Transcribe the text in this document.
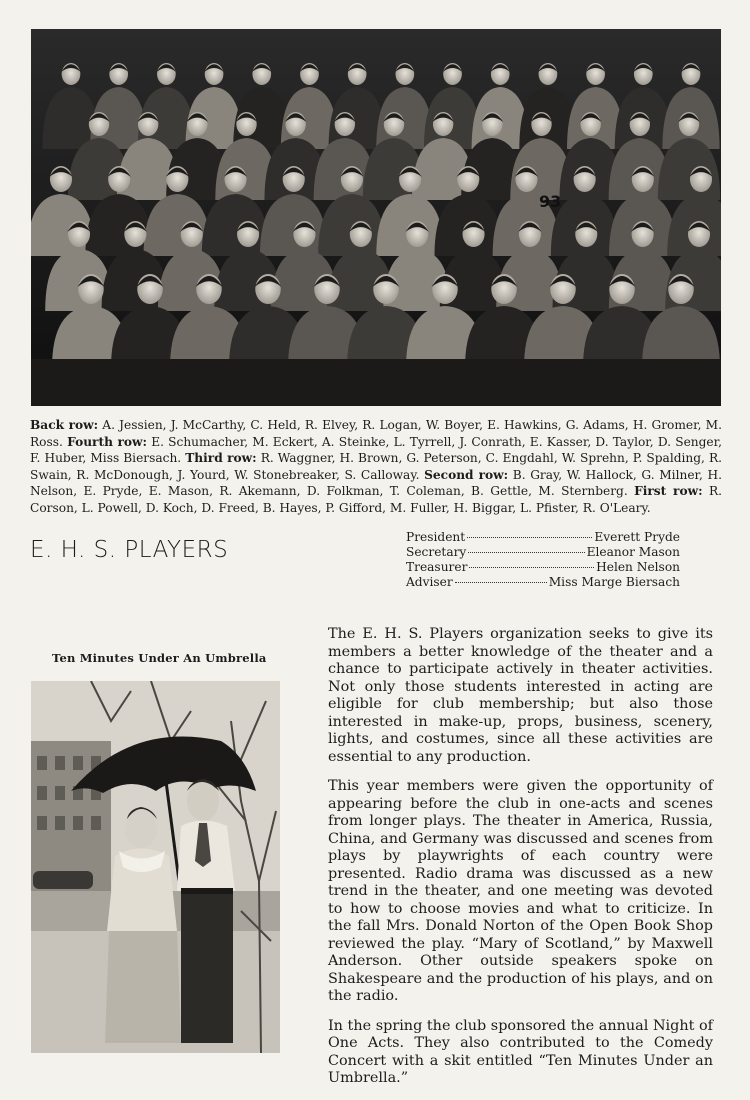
93
Back row: A. Jessien, J. McCarthy, C. Held, R. Elvey, R. Logan, W. Boyer, E. Hawkins, G. Adams, H. Gromer, M. Ross. Fourth row: E. Schumacher, M. Eckert, A. Steinke, L. Tyrrell, J. Conrath, E. Kasser, D. Taylor, D. Senger, F. Huber, Miss Biersach. Third row: R. Waggner, H. Brown, G. Peterson, C. Engdahl, W. Sprehn, P. Spalding, R. Swain, R. McDonough, J. Yourd, W. Stonebreaker, S. Calloway. Second row: B. Gray, W. Hallock, G. Milner, H. Nelson, E. Pryde, E. Mason, R. Akemann, D. Folkman, T. Coleman, B. Gettle, M. Sternberg. First row: R. Corson, L. Powell, D. Koch, D. Freed, B. Hayes, P. Gifford, M. Fuller, H. Biggar, L. Pfister, R. O'Leary.
E. H. S. PLAYERS	President	Everett Pryde
Secretary	Eleanor Mason
Treasurer	Helen Nelson
Adviser	Miss Marge Biersach
Ten Minutes Under An Umbrella

The E. H. S. Players organization seeks to give its members a better knowledge of the theater and a chance to participate actively in theater activities. Not only those students interested in acting are eligible for club membership; but also those interested in make-up, props, business, scenery, lights, and costumes, since all these activities are essential to any production.

This year members were given the opportunity of appearing before the club in one-acts and scenes from longer plays. The theater in America, Russia, China, and Germany was discussed and scenes from plays by playwrights of each country were presented. Radio drama was discussed as a new trend in the theater, and one meeting was devoted to how to choose movies and what to criticize. In the fall Mrs. Donald Norton of the Open Book Shop reviewed the play. “Mary of Scotland,” by Maxwell Anderson. Other outside speakers spoke on Shakespeare and the production of his plays, and on the radio.

In the spring the club sponsored the annual Night of One Acts. They also contributed to the Comedy Concert with a skit entitled “Ten Minutes Under an Umbrella.”
